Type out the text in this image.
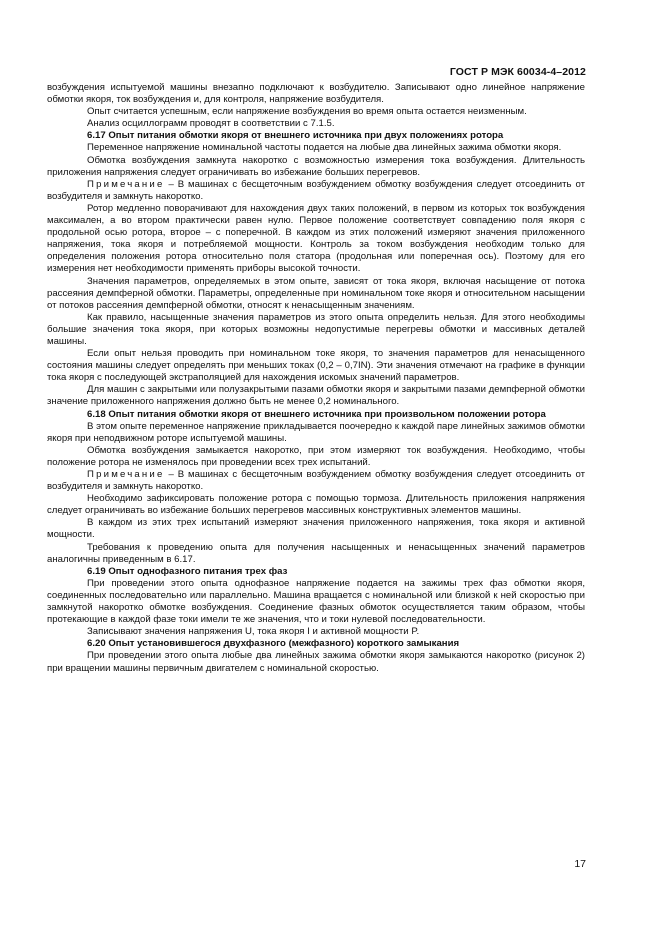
ГОСТ Р МЭК 60034-4–2012

возбуждения испытуемой машины внезапно подключают к возбудителю. Записывают одно линейное напряжение обмотки якоря, ток возбуждения и, для контроля, напряжение возбудителя.

Опыт считается успешным, если напряжение возбуждения во время опыта остается неизменным.

Анализ осциллограмм проводят в соответствии с 7.1.5.

6.17 Опыт питания обмотки якоря от внешнего источника при двух положениях ротора

Переменное напряжение номинальной частоты подается на любые два линейных зажима обмотки якоря.

Обмотка возбуждения замкнута накоротко с возможностью измерения тока возбуждения. Длительность приложения напряжения следует ограничивать во избежание больших перегревов.

Примечание – В машинах с бесщеточным возбуждением обмотку возбуждения следует отсоединить от возбудителя и замкнуть накоротко.

Ротор медленно поворачивают для нахождения двух таких положений, в первом из которых ток возбуждения максимален, а во втором практически равен нулю. Первое положение соответствует совпадению поля якоря с продольной осью ротора, второе – с поперечной. В каждом из этих положений измеряют значения приложенного напряжения, тока якоря и потребляемой мощности. Контроль за током возбуждения необходим только для определения положения ротора относительно поля статора (продольная или поперечная ось). Поэтому для его измерения нет необходимости применять приборы высокой точности.

Значения параметров, определяемых в этом опыте, зависят от тока якоря, включая насыщение от потока рассеяния демпферной обмотки. Параметры, определенные при номинальном токе якоря и относительном насыщении от потоков рассеяния демпферной обмотки, относят к ненасыщенным значениям.

Как правило, насыщенные значения параметров из этого опыта определить нельзя. Для этого необходимы большие значения тока якоря, при которых возможны недопустимые перегревы обмотки и массивных деталей машины.

Если опыт нельзя проводить при номинальном токе якоря, то значения параметров для ненасыщенного состояния машины следует определять при меньших токах (0,2 – 0,7IN). Эти значения отмечают на графике в функции тока якоря с последующей экстраполяцией для нахождения искомых значений параметров.

Для машин с закрытыми или полузакрытыми пазами обмотки якоря и закрытыми пазами демпферной обмотки значение приложенного напряжения должно быть не менее 0,2 номинального.

6.18 Опыт питания обмотки якоря от внешнего источника при произвольном положении ротора

В этом опыте переменное напряжение прикладывается поочередно к каждой паре линейных зажимов обмотки якоря при неподвижном роторе испытуемой машины.

Обмотка возбуждения замыкается накоротко, при этом измеряют ток возбуждения. Необходимо, чтобы положение ротора не изменялось при проведении всех трех испытаний.

Примечание – В машинах с бесщеточным возбуждением обмотку возбуждения следует отсоединить от возбудителя и замкнуть накоротко.

Необходимо зафиксировать положение ротора с помощью тормоза. Длительность приложения напряжения следует ограничивать во избежание больших перегревов массивных конструктивных элементов машины.

В каждом из этих трех испытаний измеряют значения приложенного напряжения, тока якоря и активной мощности.

Требования к проведению опыта для получения насыщенных и ненасыщенных значений параметров аналогичны приведенным в 6.17.

6.19 Опыт однофазного питания трех фаз

При проведении этого опыта однофазное напряжение подается на зажимы трех фаз обмотки якоря, соединенных последовательно или параллельно. Машина вращается с номинальной или близкой к ней скоростью при замкнутой накоротко обмотке возбуждения. Соединение фазных обмоток осуществляется таким образом, чтобы протекающие в каждой фазе токи имели те же значения, что и токи нулевой последовательности.

Записывают значения напряжения U, тока якоря I и активной мощности P.

6.20 Опыт установившегося двухфазного (межфазного) короткого замыкания

При проведении этого опыта любые два линейных зажима обмотки якоря замыкаются накоротко (рисунок 2) при вращении машины первичным двигателем с номинальной скоростью.

17
